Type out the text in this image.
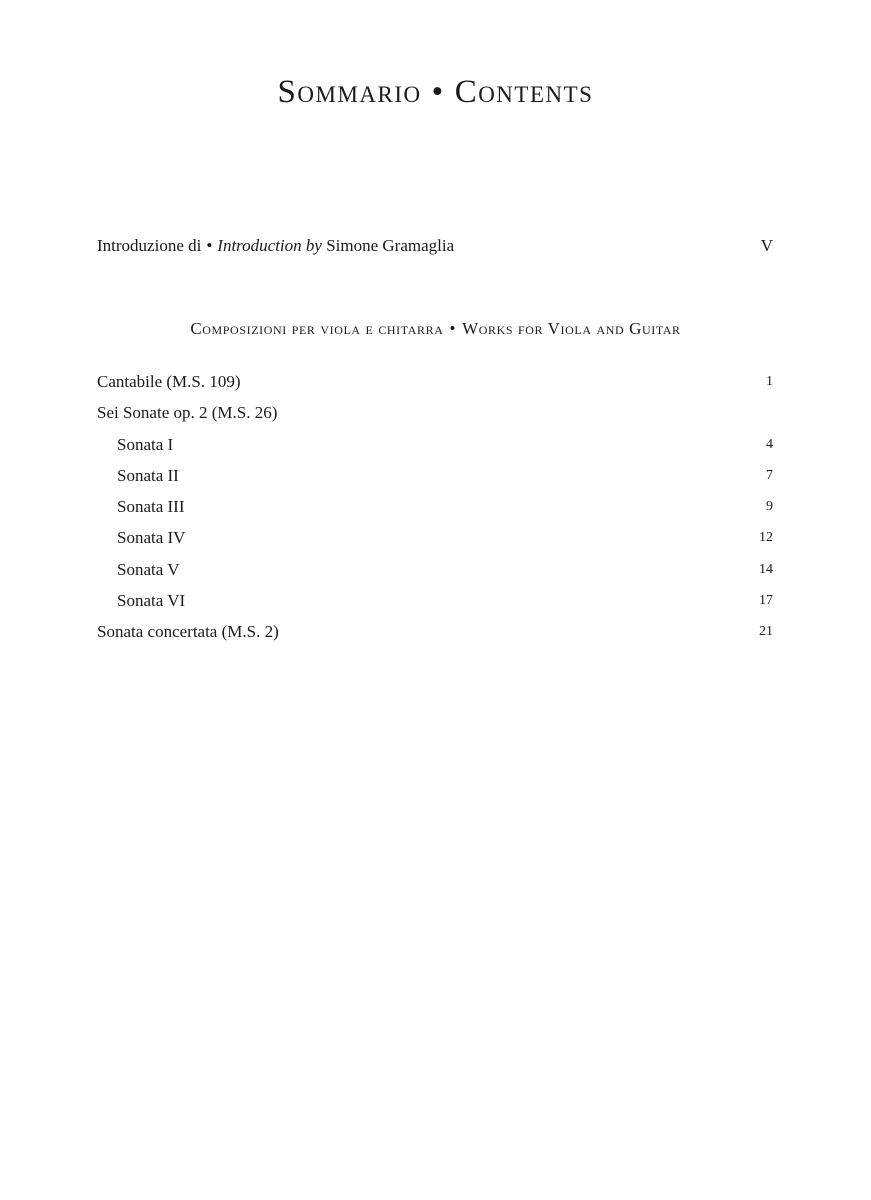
Sommario • Contents
Introduzione di • Introduction by Simone Gramaglia	V
Composizioni per viola e chitarra • Works for Viola and Guitar
Cantabile (M.S. 109)	1
Sei Sonate op. 2 (M.S. 26)
Sonata I	4
Sonata II	7
Sonata III	9
Sonata IV	12
Sonata V	14
Sonata VI	17
Sonata concertata (M.S. 2)	21
